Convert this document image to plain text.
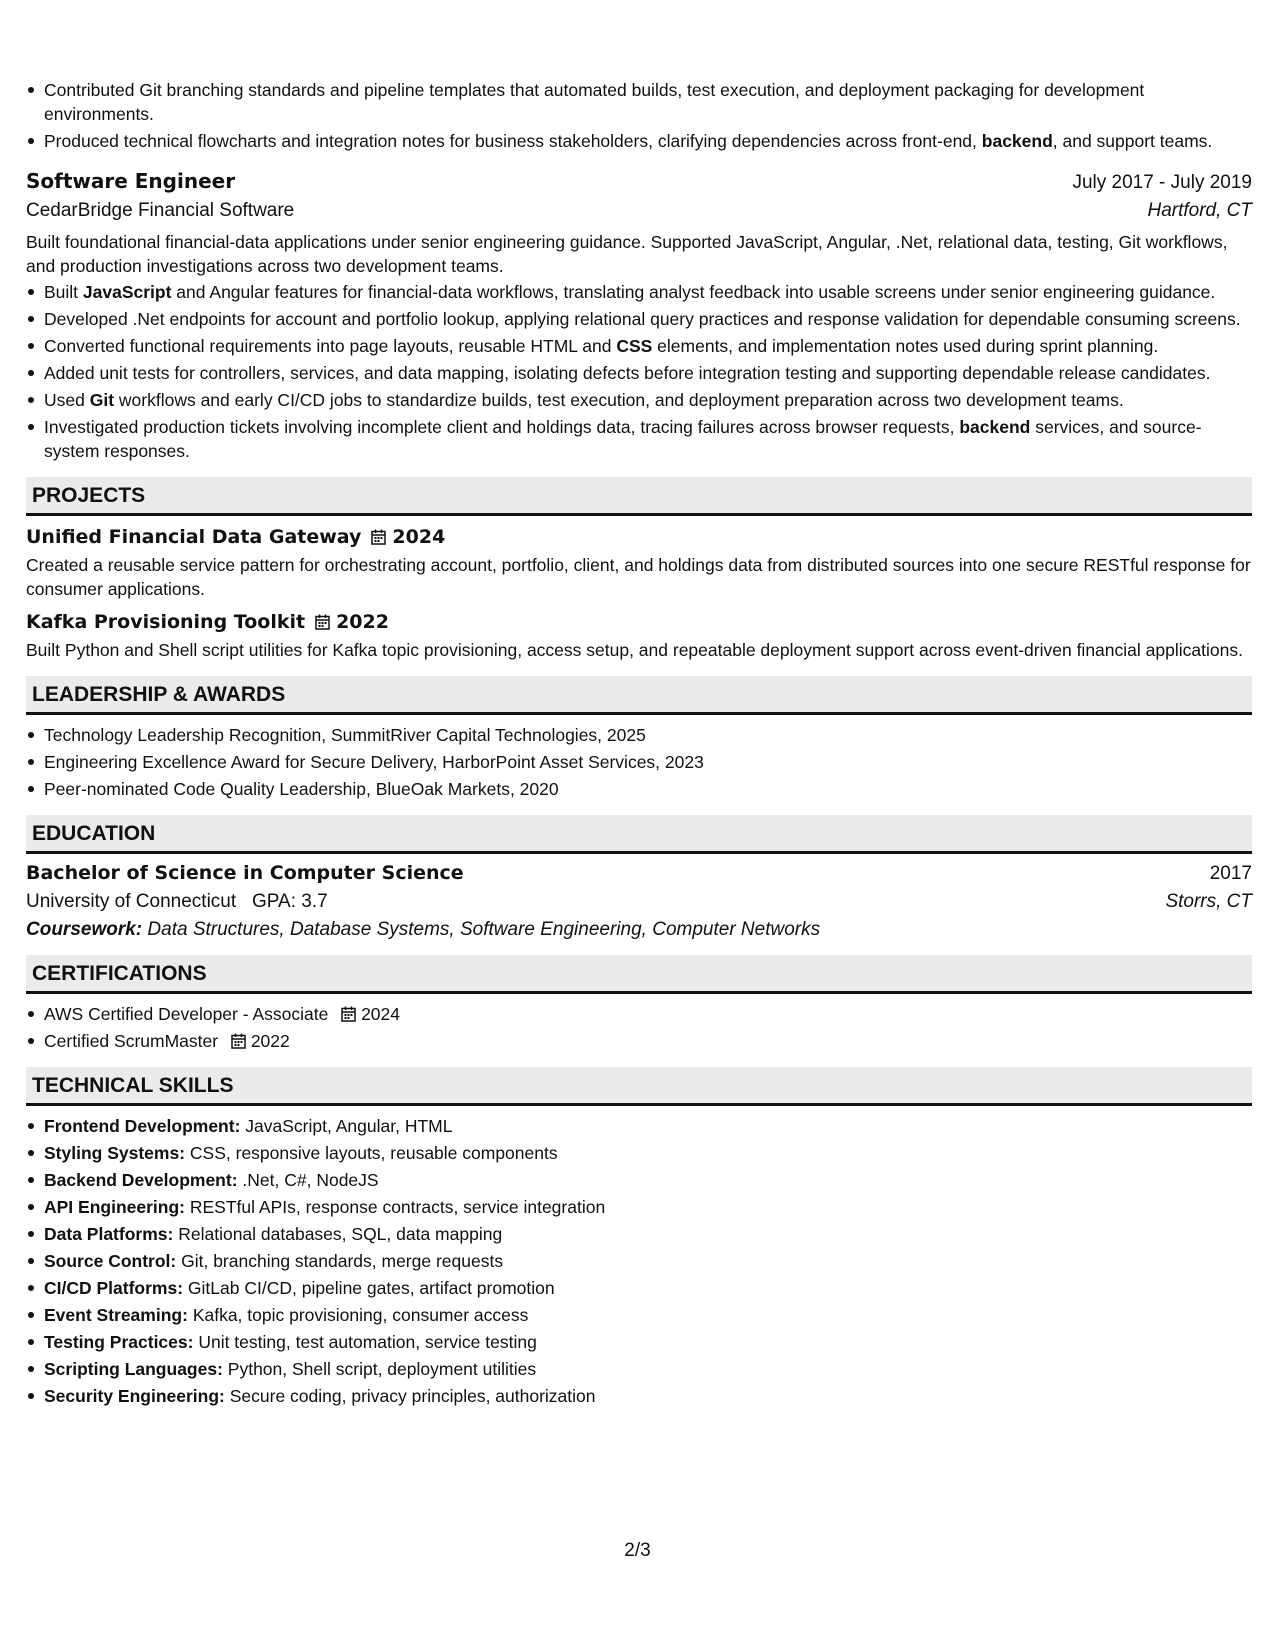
Contributed Git branching standards and pipeline templates that automated builds, test execution, and deployment packaging for development environments.
Produced technical flowcharts and integration notes for business stakeholders, clarifying dependencies across front-end, backend, and support teams.
Software Engineer	July 2017 - July 2019
CedarBridge Financial Software	Hartford, CT
Built foundational financial-data applications under senior engineering guidance. Supported JavaScript, Angular, .Net, relational data, testing, Git workflows, and production investigations across two development teams.
Built JavaScript and Angular features for financial-data workflows, translating analyst feedback into usable screens under senior engineering guidance.
Developed .Net endpoints for account and portfolio lookup, applying relational query practices and response validation for dependable consuming screens.
Converted functional requirements into page layouts, reusable HTML and CSS elements, and implementation notes used during sprint planning.
Added unit tests for controllers, services, and data mapping, isolating defects before integration testing and supporting dependable release candidates.
Used Git workflows and early CI/CD jobs to standardize builds, test execution, and deployment preparation across two development teams.
Investigated production tickets involving incomplete client and holdings data, tracing failures across browser requests, backend services, and source-system responses.
PROJECTS
Unified Financial Data Gateway 2024
Created a reusable service pattern for orchestrating account, portfolio, client, and holdings data from distributed sources into one secure RESTful response for consumer applications.
Kafka Provisioning Toolkit 2022
Built Python and Shell script utilities for Kafka topic provisioning, access setup, and repeatable deployment support across event-driven financial applications.
LEADERSHIP & AWARDS
Technology Leadership Recognition, SummitRiver Capital Technologies, 2025
Engineering Excellence Award for Secure Delivery, HarborPoint Asset Services, 2023
Peer-nominated Code Quality Leadership, BlueOak Markets, 2020
EDUCATION
Bachelor of Science in Computer Science	2017
University of Connecticut GPA: 3.7	Storrs, CT
Coursework: Data Structures, Database Systems, Software Engineering, Computer Networks
CERTIFICATIONS
AWS Certified Developer - Associate 2024
Certified ScrumMaster 2022
TECHNICAL SKILLS
Frontend Development: JavaScript, Angular, HTML
Styling Systems: CSS, responsive layouts, reusable components
Backend Development: .Net, C#, NodeJS
API Engineering: RESTful APIs, response contracts, service integration
Data Platforms: Relational databases, SQL, data mapping
Source Control: Git, branching standards, merge requests
CI/CD Platforms: GitLab CI/CD, pipeline gates, artifact promotion
Event Streaming: Kafka, topic provisioning, consumer access
Testing Practices: Unit testing, test automation, service testing
Scripting Languages: Python, Shell script, deployment utilities
Security Engineering: Secure coding, privacy principles, authorization
2/3
